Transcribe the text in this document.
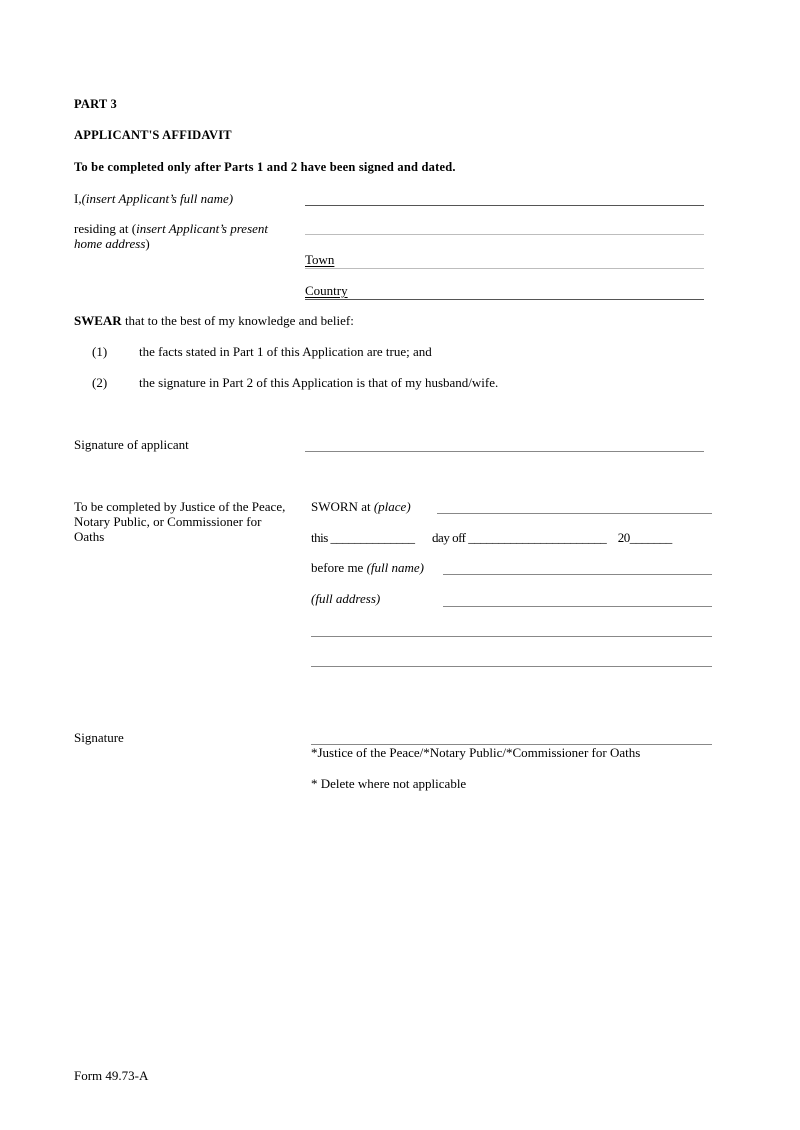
PART 3
APPLICANT'S AFFIDAVIT
To be completed only after Parts 1 and 2 have been signed and dated.
I,(insert Applicant’s full name)
residing at (insert Applicant’s present
home address)
Town
Country
SWEAR that to the best of my knowledge and belief:
(1) the facts stated in Part 1 of this Application are true; and
(2) the signature in Part 2 of this Application is that of my husband/wife.
Signature of applicant
To be completed by Justice of the Peace,
Notary Public, or Commissioner for
Oaths
SWORN at (place)
this ______________ day off _______________________ 20_______
before me (full name)
(full address)
Signature
*Justice of the Peace/*Notary Public/*Commissioner for Oaths
* Delete where not applicable
Form 49.73-A
